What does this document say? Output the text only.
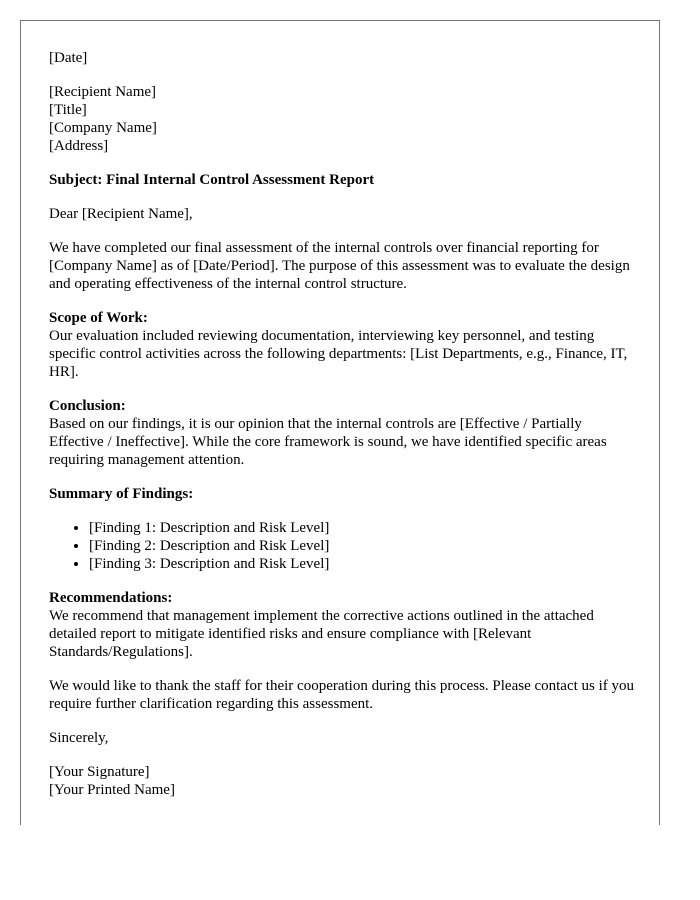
[Date]

[Recipient Name]
[Title]
[Company Name]
[Address]

Subject: Final Internal Control Assessment Report

Dear [Recipient Name],

We have completed our final assessment of the internal controls over financial reporting for [Company Name] as of [Date/Period]. The purpose of this assessment was to evaluate the design and operating effectiveness of the internal control structure.

Scope of Work:
Our evaluation included reviewing documentation, interviewing key personnel, and testing specific control activities across the following departments: [List Departments, e.g., Finance, IT, HR].

Conclusion:
Based on our findings, it is our opinion that the internal controls are [Effective / Partially Effective / Ineffective]. While the core framework is sound, we have identified specific areas requiring management attention.

Summary of Findings:

• [Finding 1: Description and Risk Level]
• [Finding 2: Description and Risk Level]
• [Finding 3: Description and Risk Level]

Recommendations:
We recommend that management implement the corrective actions outlined in the attached detailed report to mitigate identified risks and ensure compliance with [Relevant Standards/Regulations].

We would like to thank the staff for their cooperation during this process. Please contact us if you require further clarification regarding this assessment.

Sincerely,

[Your Signature]
[Your Printed Name]
